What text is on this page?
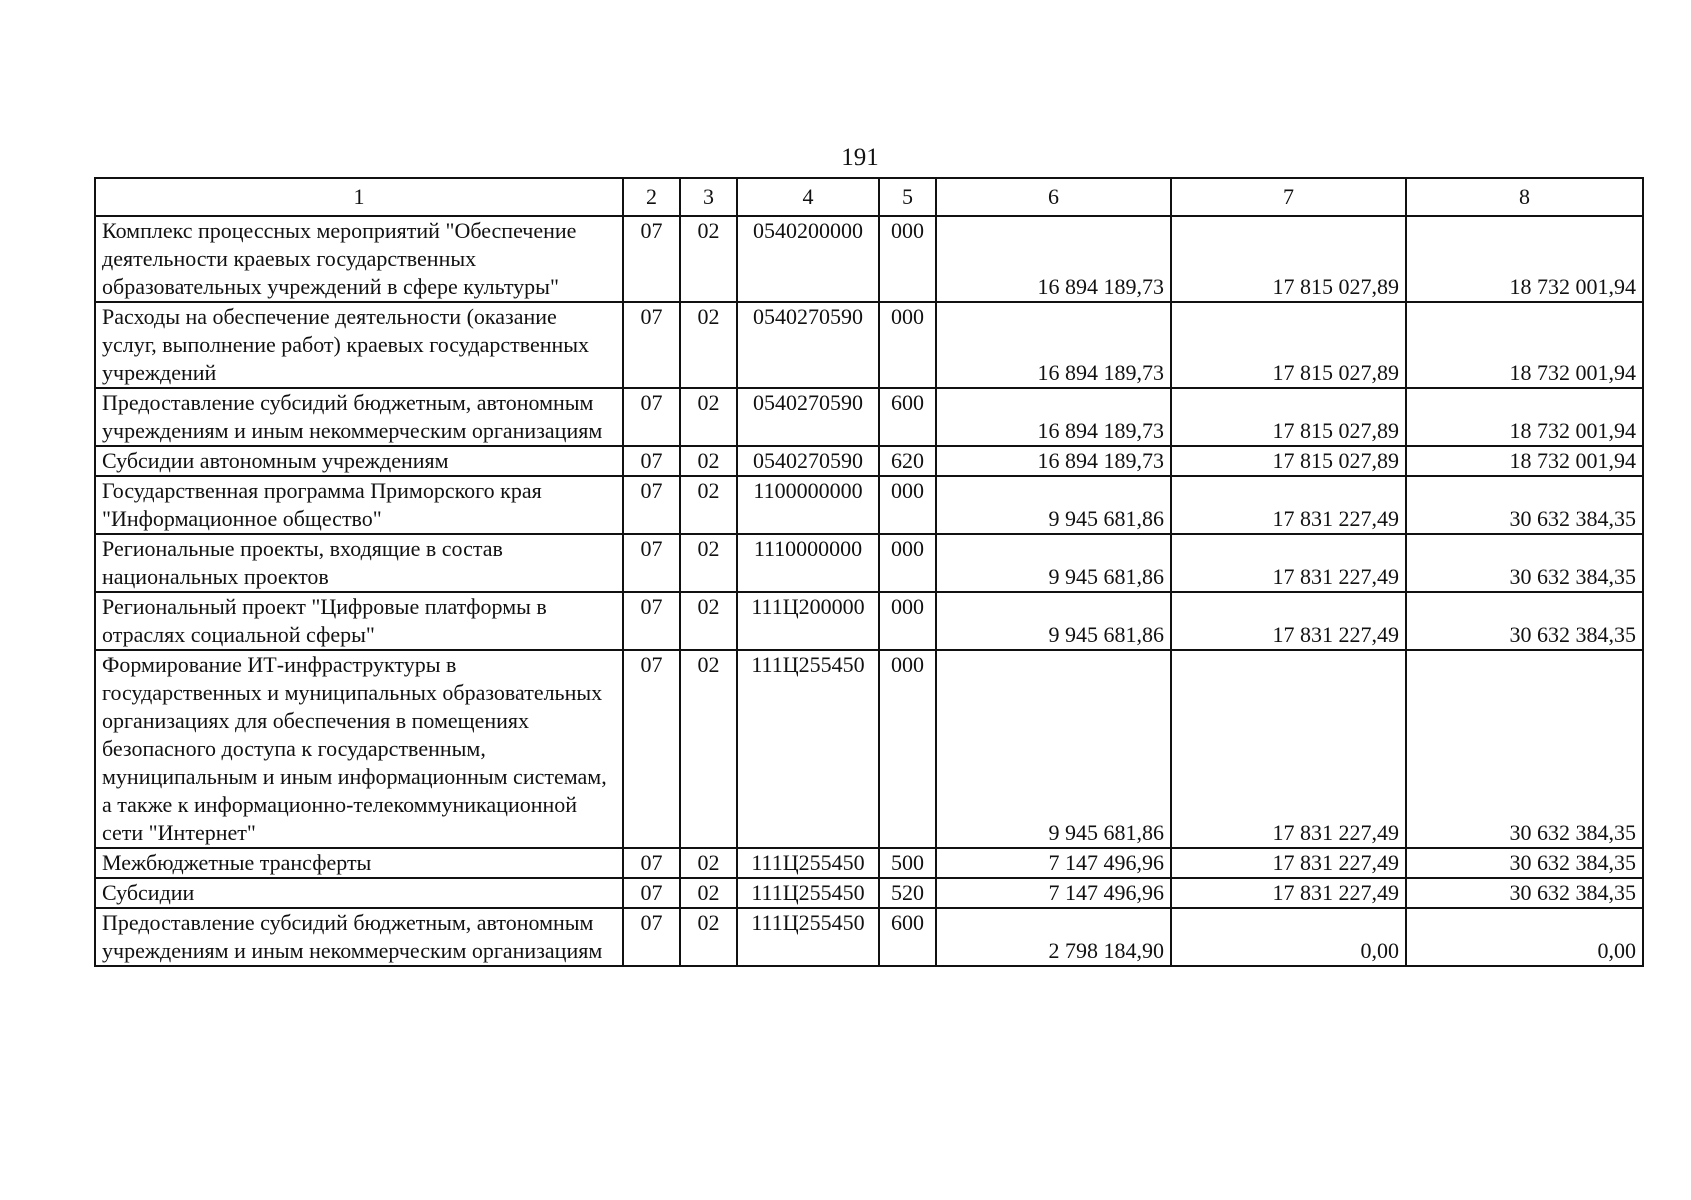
191
1	2	3	4	5	6	7	8
Комплекс процессных мероприятий "Обеспечение деятельности краевых государственных образовательных учреждений в сфере культуры"	07	02	0540200000	000	16 894 189,73	17 815 027,89	18 732 001,94
Расходы на обеспечение деятельности (оказание услуг, выполнение работ) краевых государственных учреждений	07	02	0540270590	000	16 894 189,73	17 815 027,89	18 732 001,94
Предоставление субсидий бюджетным, автономным учреждениям и иным некоммерческим организациям	07	02	0540270590	600	16 894 189,73	17 815 027,89	18 732 001,94
Субсидии автономным учреждениям	07	02	0540270590	620	16 894 189,73	17 815 027,89	18 732 001,94
Государственная программа Приморского края "Информационное общество"	07	02	1100000000	000	9 945 681,86	17 831 227,49	30 632 384,35
Региональные проекты, входящие в состав национальных проектов	07	02	1110000000	000	9 945 681,86	17 831 227,49	30 632 384,35
Региональный проект "Цифровые платформы в отраслях социальной сферы"	07	02	111Ц200000	000	9 945 681,86	17 831 227,49	30 632 384,35
Формирование ИТ-инфраструктуры в государственных и муниципальных образовательных организациях для обеспечения в помещениях безопасного доступа к государственным, муниципальным и иным информационным системам, а также к информационно-телекоммуникационной сети "Интернет"	07	02	111Ц255450	000	9 945 681,86	17 831 227,49	30 632 384,35
Межбюджетные трансферты	07	02	111Ц255450	500	7 147 496,96	17 831 227,49	30 632 384,35
Субсидии	07	02	111Ц255450	520	7 147 496,96	17 831 227,49	30 632 384,35
Предоставление субсидий бюджетным, автономным учреждениям и иным некоммерческим организациям	07	02	111Ц255450	600	2 798 184,90	0,00	0,00
